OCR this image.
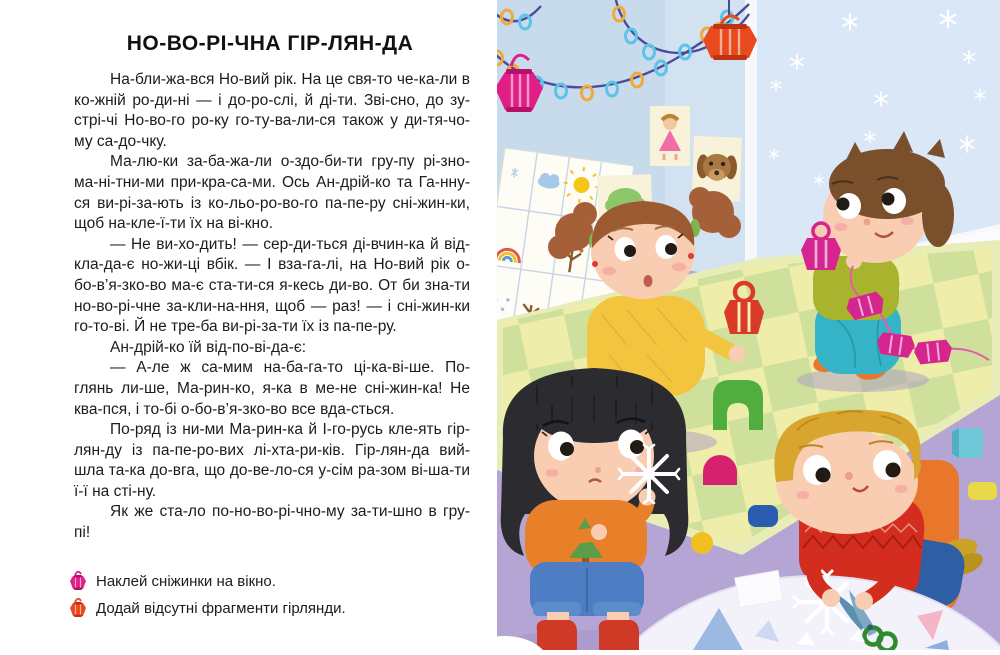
НО-ВО-РІ-ЧНА ГІР-ЛЯН-ДА

На-бли-жа-вся Но-вий рік. На це свя-то че-ка-ли в ко-жній ро-ди-ні — і до-ро-слі, й ді-ти. Зві-сно, до зу-стрі-чі Но-во-го ро-ку го-ту-ва-ли-ся також у ди-тя-чо-му са-до-чку.

Ма-лю-ки за-ба-жа-ли о-здо-би-ти гру-пу рі-зно-ма-ні-тни-ми при-кра-са-ми. Ось Ан-дрій-ко та Га-нну-ся ви-рі-за-ють із ко-льо-ро-во-го па-пе-ру сні-жин-ки, щоб на-кле-ї-ти їх на ві-кно.

— Не ви-хо-дить! — сер-ди-ться ді-вчин-ка й від-кла-да-є но-жи-ці вбік. — І вза-га-лі, на Но-вий рік о-бо-в’я-зко-во ма-є ста-ти-ся я-кесь ди-во. От би зна-ти но-во-рі-чне за-кли-на-ння, щоб — раз! — і сні-жин-ки го-то-ві. Й не тре-ба ви-рі-за-ти їх із па-пе-ру.

Ан-дрій-ко їй від-по-ві-да-є:

— А-ле ж са-мим на-ба-га-то ці-ка-ві-ше. По-глянь ли-ше, Ма-рин-ко, я-ка в ме-не сні-жин-ка! Не ква-пся, і то-бі о-бо-в’я-зко-во все вда-сться.

По-ряд із ни-ми Ма-рин-ка й І-го-русь кле-ять гір-лян-ду із па-пе-ро-вих лі-хта-ри-ків. Гір-лян-да вий-шла та-ка до-вга, що до-ве-ло-ся у-сім ра-зом ві-ша-ти ї-ї на сті-ну.

Як же ста-ло по-но-во-рі-чно-му за-ти-шно в гру-пі!

Наклей сніжинки на вікно.
Додай відсутні фрагменти гірлянди.
